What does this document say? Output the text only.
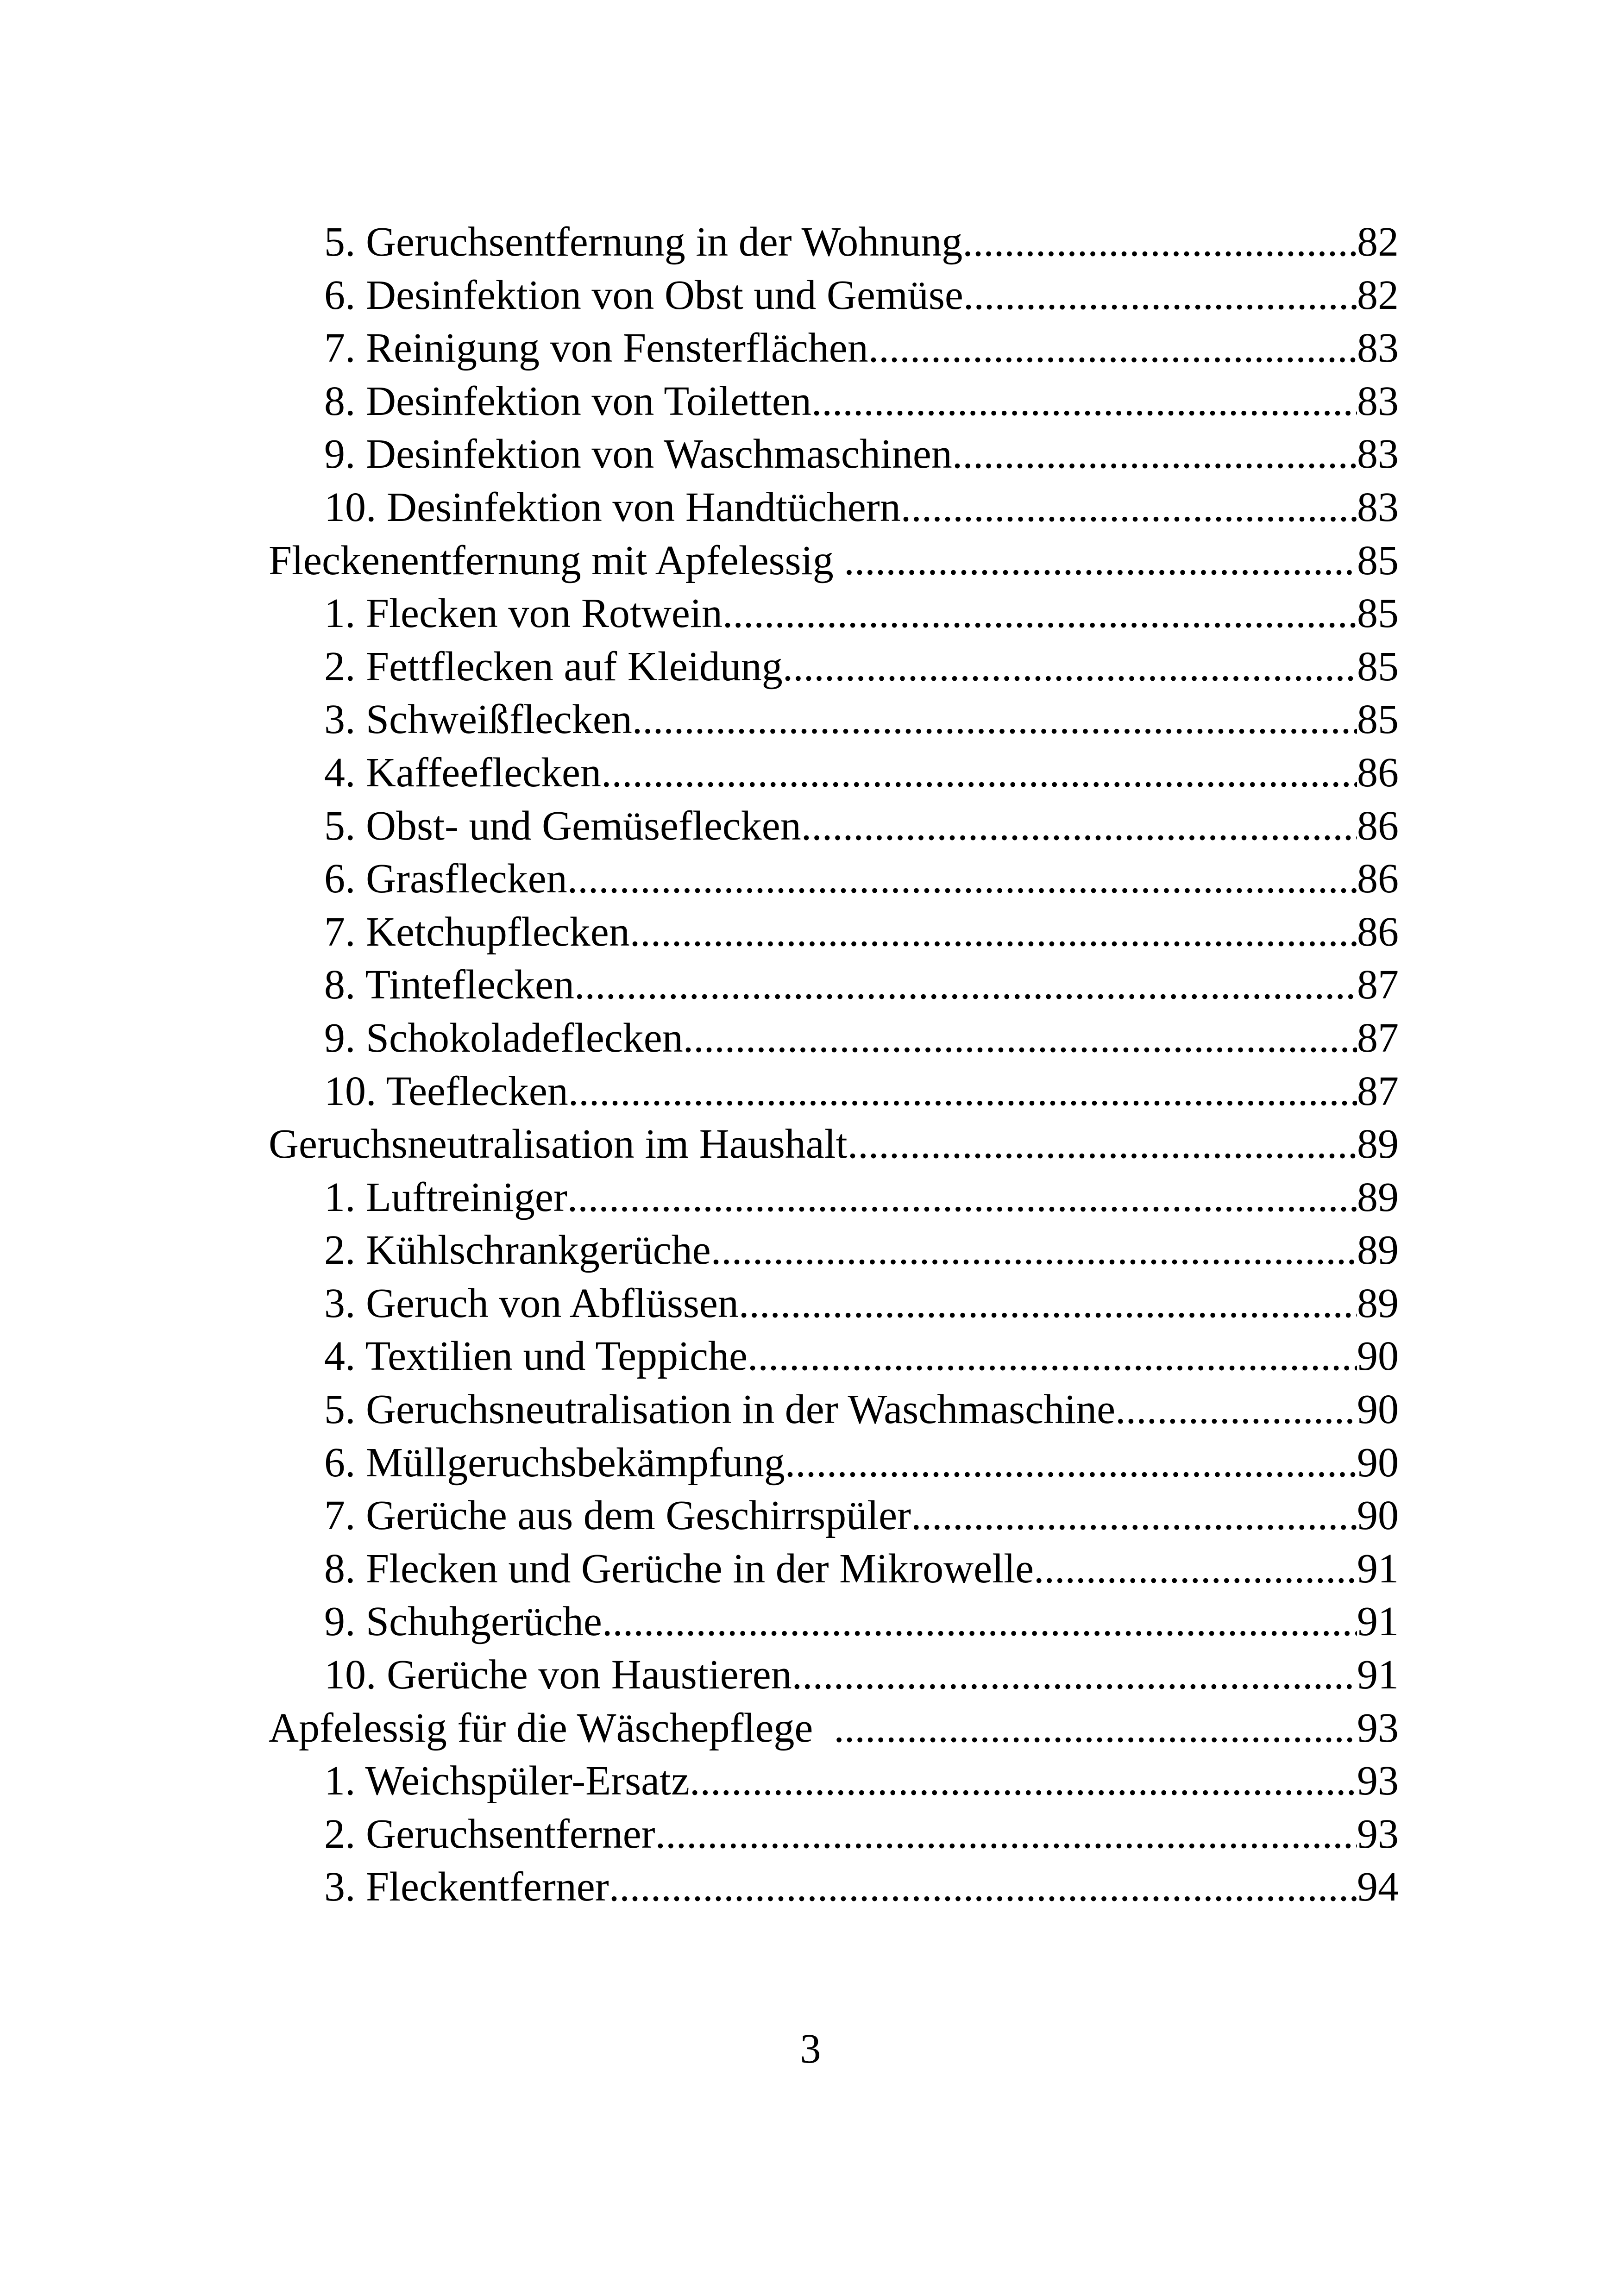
5. Geruchsentfernung in der Wohnung .....	82
6. Desinfektion von Obst und Gemüse .....	82
7. Reinigung von Fensterflächen .....	83
8. Desinfektion von Toiletten .....	83
9. Desinfektion von Waschmaschinen .....	83
10. Desinfektion von Handtüchern .....	83
Fleckenentfernung mit Apfelessig .....	85
1. Flecken von Rotwein .....	85
2. Fettflecken auf Kleidung .....	85
3. Schweißflecken .....	85
4. Kaffeeflecken .....	86
5. Obst- und Gemüseflecken .....	86
6. Grasflecken .....	86
7. Ketchupflecken .....	86
8. Tinteflecken .....	87
9. Schokoladeflecken .....	87
10. Teeflecken .....	87
Geruchsneutralisation im Haushalt .....	89
1. Luftreiniger .....	89
2. Kühlschrankgerüche .....	89
3. Geruch von Abflüssen .....	89
4. Textilien und Teppiche .....	90
5. Geruchsneutralisation in der Waschmaschine .....	90
6. Müllgeruchsbekämpfung .....	90
7. Gerüche aus dem Geschirrspüler .....	90
8. Flecken und Gerüche in der Mikrowelle .....	91
9. Schuhgerüche .....	91
10. Gerüche von Haustieren .....	91
Apfelessig für die Wäschepflege .....	93
1. Weichspüler-Ersatz .....	93
2. Geruchsentferner .....	93
3. Fleckentferner .....	94
3
